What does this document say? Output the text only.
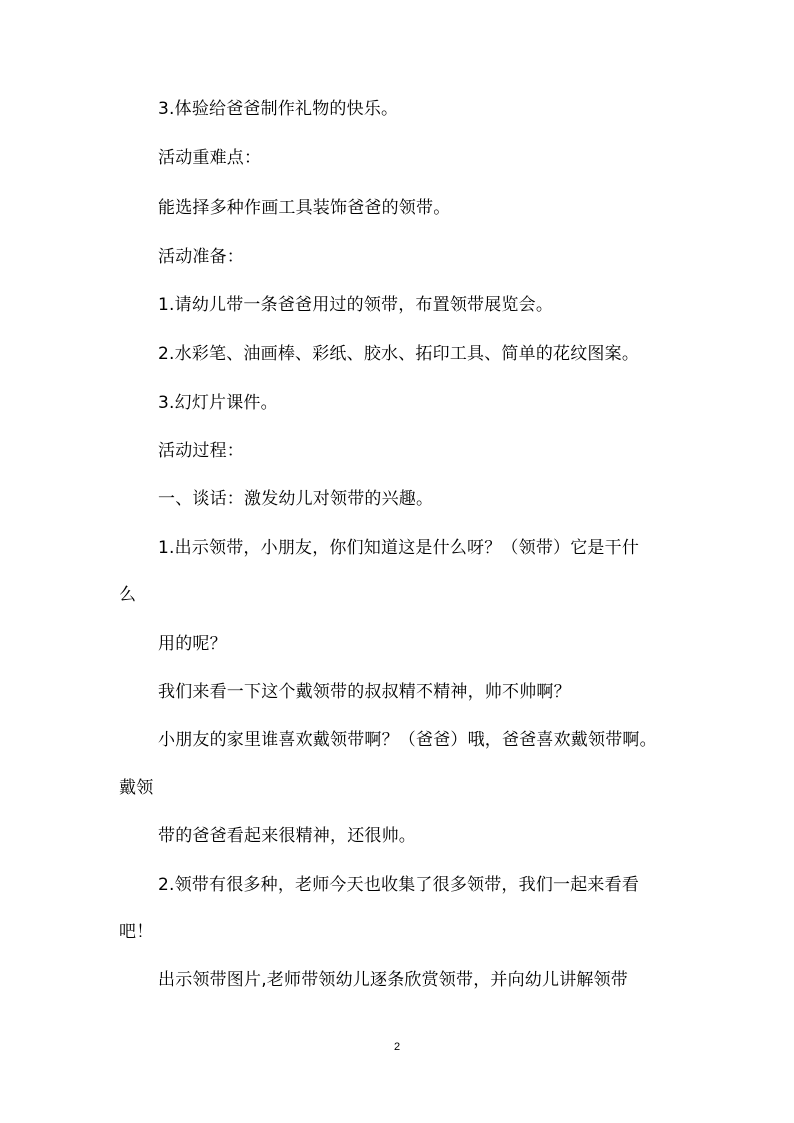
3.体验给爸爸制作礼物的快乐。
活动重难点：
能选择多种作画工具装饰爸爸的领带。
活动准备：
1.请幼儿带一条爸爸用过的领带，布置领带展览会。
2.水彩笔、油画棒、彩纸、胶水、拓印工具、简单的花纹图案。
3.幻灯片课件。
活动过程：
一、谈话：激发幼儿对领带的兴趣。
1.出示领带，小朋友，你们知道这是什么呀？（领带）它是干什
么
用的呢？
我们来看一下这个戴领带的叔叔精不精神，帅不帅啊？
小朋友的家里谁喜欢戴领带啊？（爸爸）哦，爸爸喜欢戴领带啊。
戴领
带的爸爸看起来很精神，还很帅。
2.领带有很多种，老师今天也收集了很多领带，我们一起来看看
吧！
出示领带图片,老师带领幼儿逐条欣赏领带，并向幼儿讲解领带
2
